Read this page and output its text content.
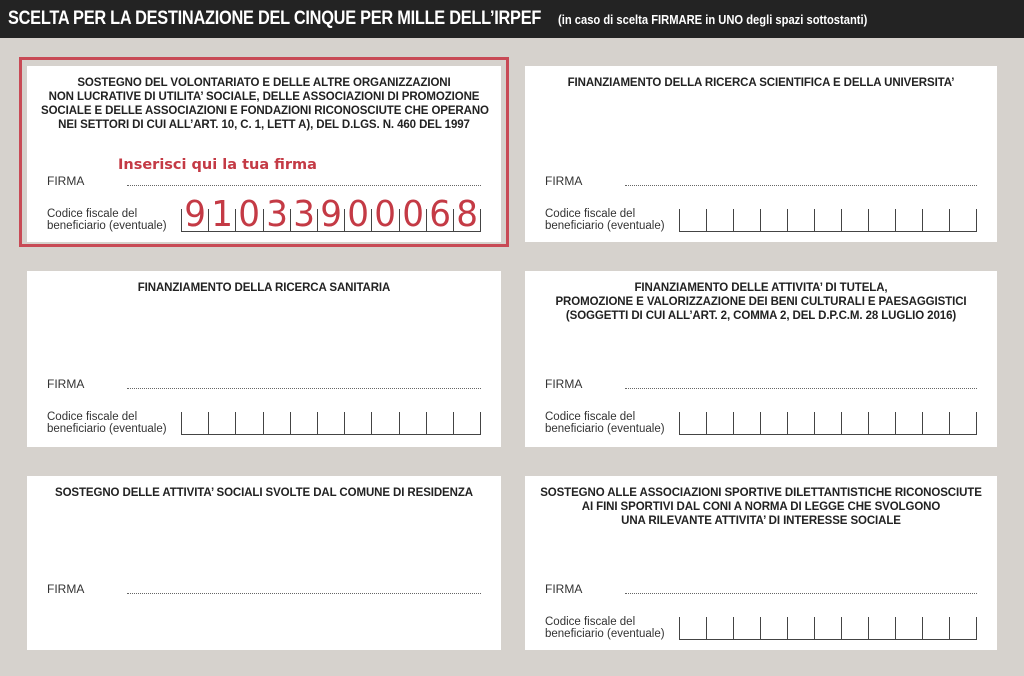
SCELTA PER LA DESTINAZIONE DEL CINQUE PER MILLE DELL’IRPEF (in caso di scelta FIRMARE in UNO degli spazi sottostanti)
SOSTEGNO DEL VOLONTARIATO E DELLE ALTRE ORGANIZZAZIONI
NON LUCRATIVE DI UTILITA’ SOCIALE, DELLE ASSOCIAZIONI DI PROMOZIONE
SOCIALE E DELLE ASSOCIAZIONI E FONDAZIONI RICONOSCIUTE CHE OPERANO
NEI SETTORI DI CUI ALL’ART. 10, C. 1, LETT A), DEL D.LGS. N. 460 DEL 1997
FIRMA
Codice fiscale del
beneficiario (eventuale) 9 1 0 3 3 9 0 0 0 6 8
FINANZIAMENTO DELLA RICERCA SCIENTIFICA E DELLA UNIVERSITA’
FIRMA
Codice fiscale del
beneficiario (eventuale)
FINANZIAMENTO DELLA RICERCA SANITARIA
FIRMA
Codice fiscale del
beneficiario (eventuale)
FINANZIAMENTO DELLE ATTIVITA’ DI TUTELA,
PROMOZIONE E VALORIZZAZIONE DEI BENI CULTURALI E PAESAGGISTICI
(SOGGETTI DI CUI ALL’ART. 2, COMMA 2, DEL D.P.C.M. 28 LUGLIO 2016)
FIRMA
Codice fiscale del
beneficiario (eventuale)
SOSTEGNO DELLE ATTIVITA’ SOCIALI SVOLTE DAL COMUNE DI RESIDENZA
FIRMA
SOSTEGNO ALLE ASSOCIAZIONI SPORTIVE DILETTANTISTICHE RICONOSCIUTE
AI FINI SPORTIVI DAL CONI A NORMA DI LEGGE CHE SVOLGONO
UNA RILEVANTE ATTIVITA’ DI INTERESSE SOCIALE
FIRMA
Codice fiscale del
beneficiario (eventuale)
Inserisci qui la tua firma
